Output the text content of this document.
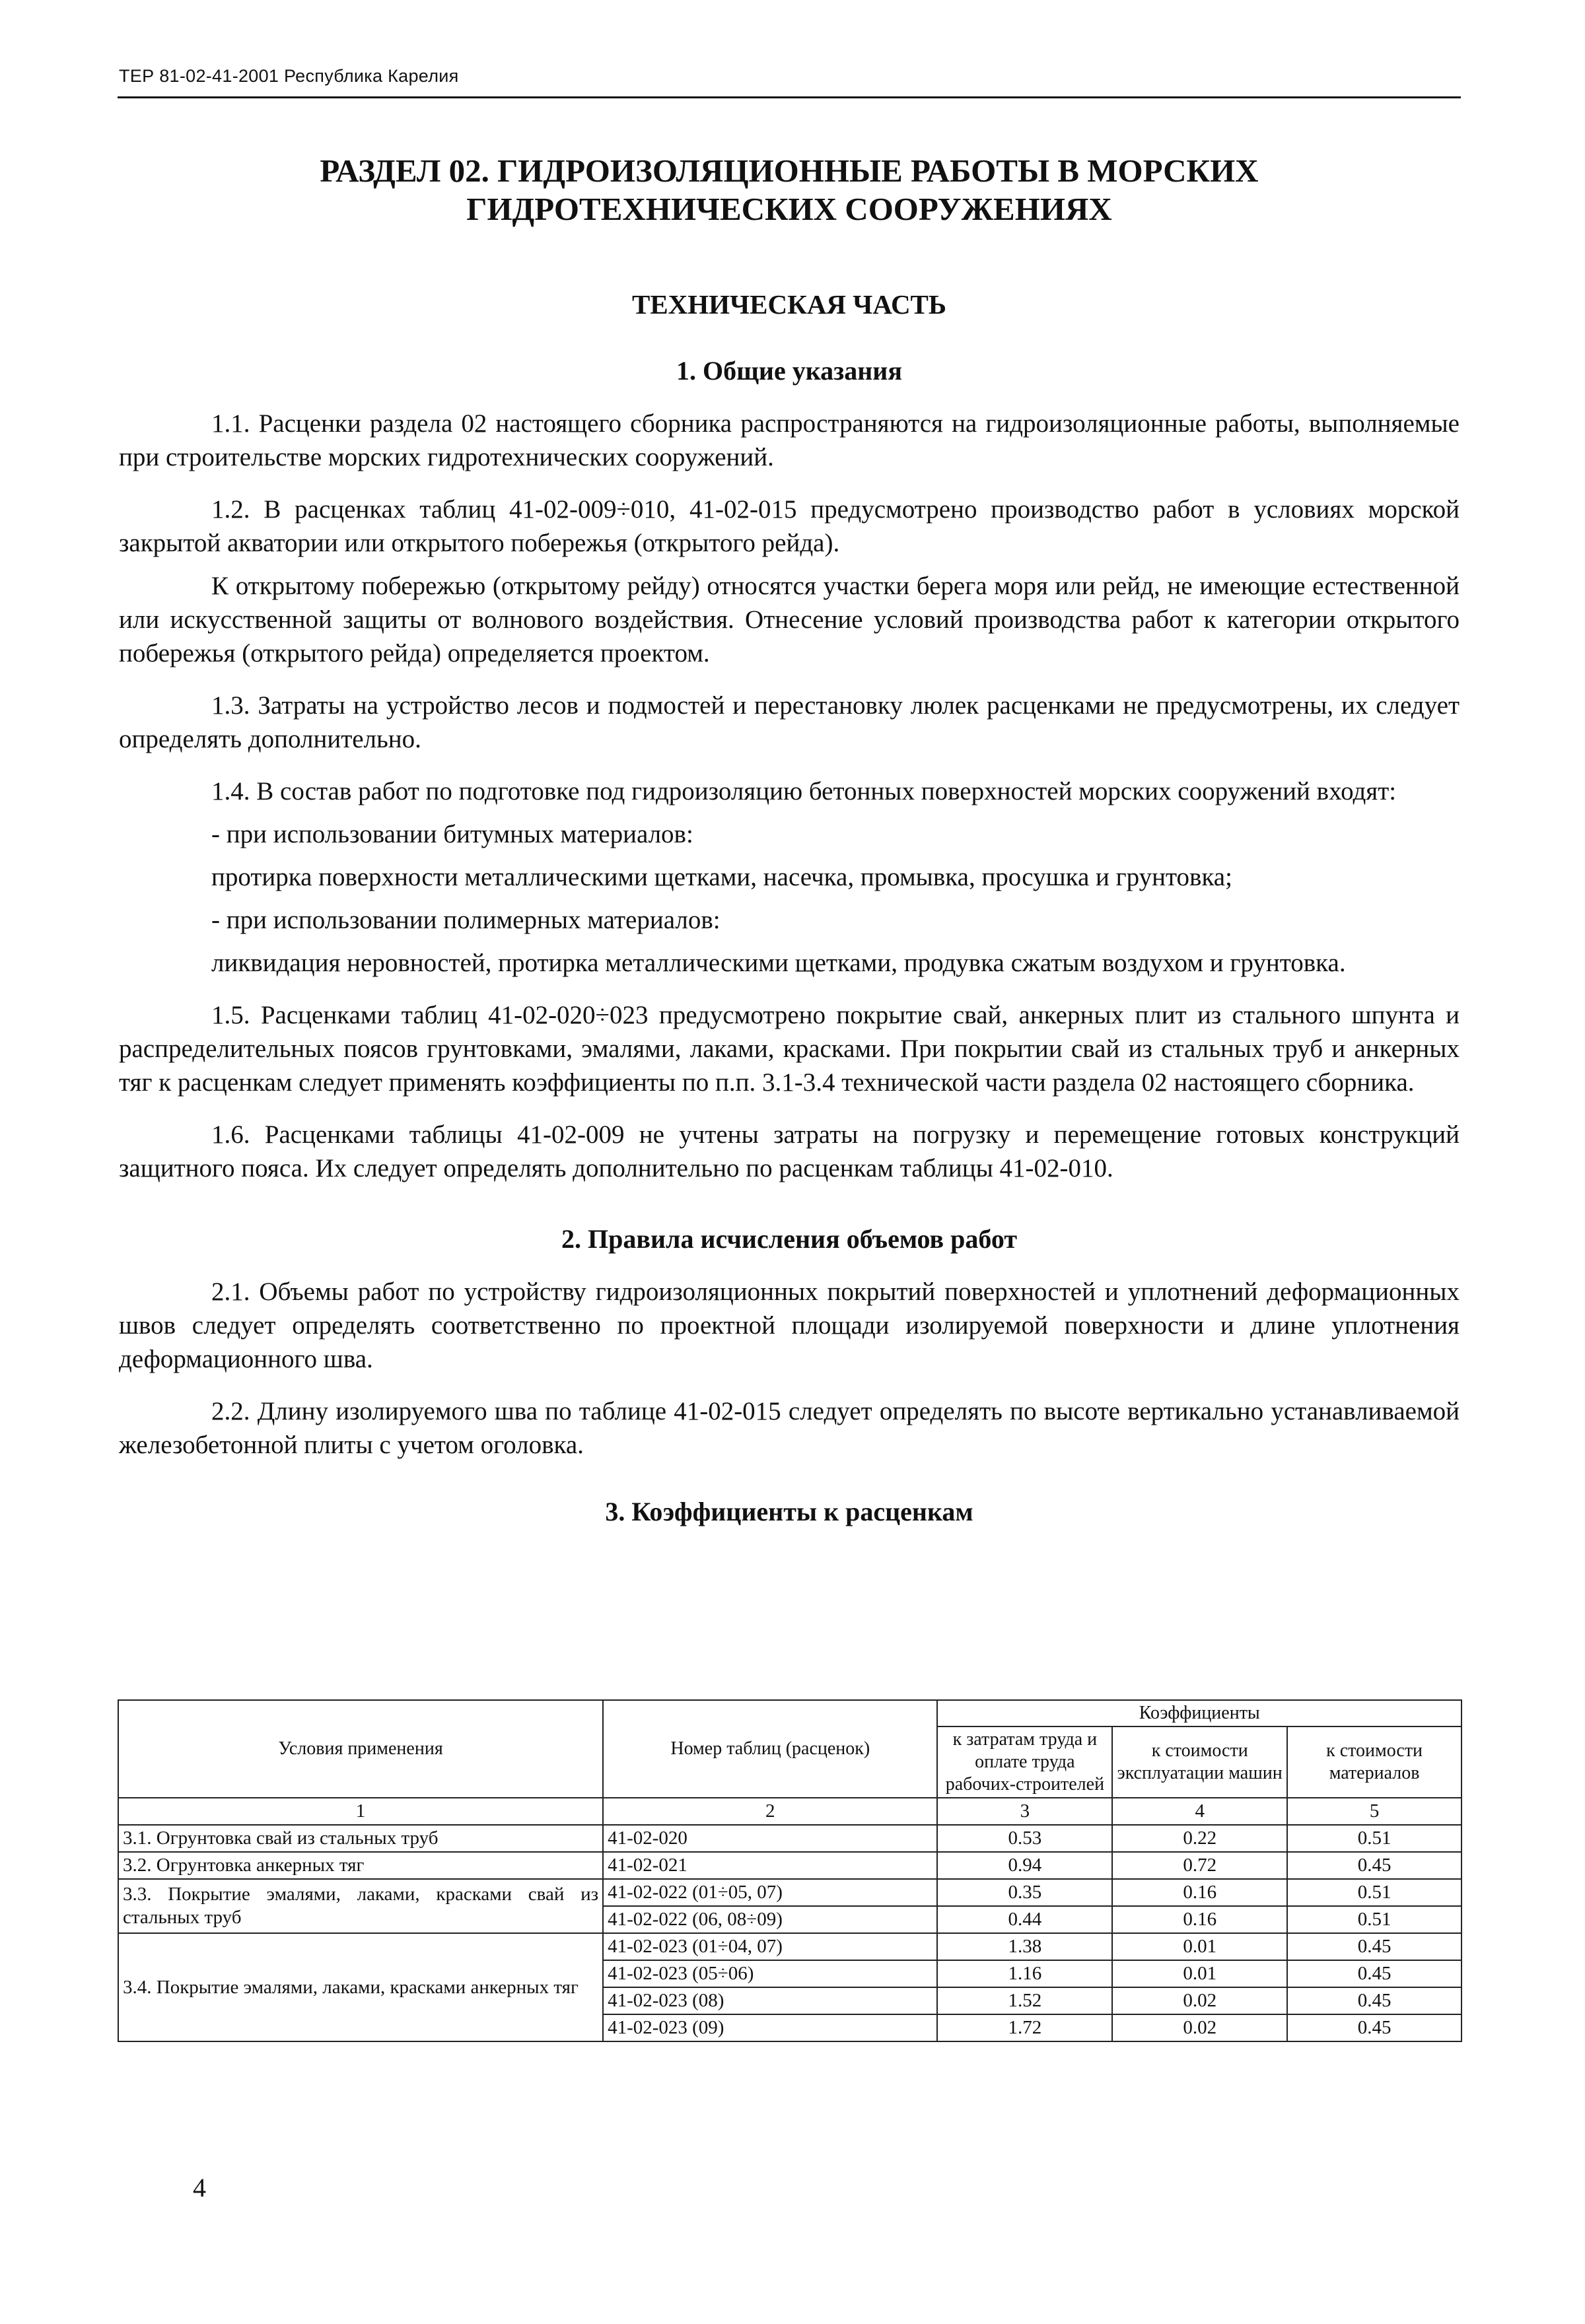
ТЕР 81-02-41-2001 Республика Карелия
РАЗДЕЛ 02. ГИДРОИЗОЛЯЦИОННЫЕ РАБОТЫ В МОРСКИХ
ГИДРОТЕХНИЧЕСКИХ СООРУЖЕНИЯХ
ТЕХНИЧЕСКАЯ ЧАСТЬ
1. Общие указания

1.1. Расценки раздела 02 настоящего сборника распространяются на гидроизоляционные работы, выполняемые при строительстве морских гидротехнических сооружений.

1.2. В расценках таблиц 41-02-009÷010, 41-02-015 предусмотрено производство работ в условиях морской закрытой акватории или открытого побережья (открытого рейда).

К открытому побережью (открытому рейду) относятся участки берега моря или рейд, не имеющие естественной или искусственной защиты от волнового воздействия. Отнесение условий производства работ к категории открытого побережья (открытого рейда) определяется проектом.

1.3. Затраты на устройство лесов и подмостей и перестановку люлек расценками не предусмотрены, их следует определять дополнительно.

1.4. В состав работ по подготовке под гидроизоляцию бетонных поверхностей морских сооружений входят:

- при использовании битумных материалов:

протирка поверхности металлическими щетками, насечка, промывка, просушка и грунтовка;

- при использовании полимерных материалов:

ликвидация неровностей, протирка металлическими щетками, продувка сжатым воздухом и грунтовка.

1.5. Расценками таблиц 41-02-020÷023 предусмотрено покрытие свай, анкерных плит из стального шпунта и распределительных поясов грунтовками, эмалями, лаками, красками. При покрытии свай из стальных труб и анкерных тяг к расценкам следует применять коэффициенты по п.п. 3.1-3.4 технической части раздела 02 настоящего сборника.

1.6. Расценками таблицы 41-02-009 не учтены затраты на погрузку и перемещение готовых конструкций защитного пояса. Их следует определять дополнительно по расценкам таблицы 41-02-010.

2. Правила исчисления объемов работ

2.1. Объемы работ по устройству гидроизоляционных покрытий поверхностей и уплотнений деформационных швов следует определять соответственно по проектной площади изолируемой поверхности и длине уплотнения деформационного шва.

2.2. Длину изолируемого шва по таблице 41-02-015 следует определять по высоте вертикально устанавливаемой железобетонной плиты с учетом оголовка.

3. Коэффициенты к расценкам
Условия применения	Номер таблиц (расценок)	Коэффициенты		
		к затратам труда и оплате труда рабочих-строителей	к стоимости эксплуатации машин	к стоимости материалов
1	2	3	4	5
3.1. Огрунтовка свай из стальных труб	41-02-020	0.53	0.22	0.51
3.2. Огрунтовка анкерных тяг	41-02-021	0.94	0.72	0.45
3.3. Покрытие эмалями, лаками, красками свай из стальных труб	41-02-022 (01÷05, 07)	0.35	0.16	0.51
	41-02-022 (06, 08÷09)	0.44	0.16	0.51
3.4. Покрытие эмалями, лаками, красками анкерных тяг	41-02-023 (01÷04, 07)	1.38	0.01	0.45
	41-02-023 (05÷06)	1.16	0.01	0.45
	41-02-023 (08)	1.52	0.02	0.45
	41-02-023 (09)	1.72	0.02	0.45
4
